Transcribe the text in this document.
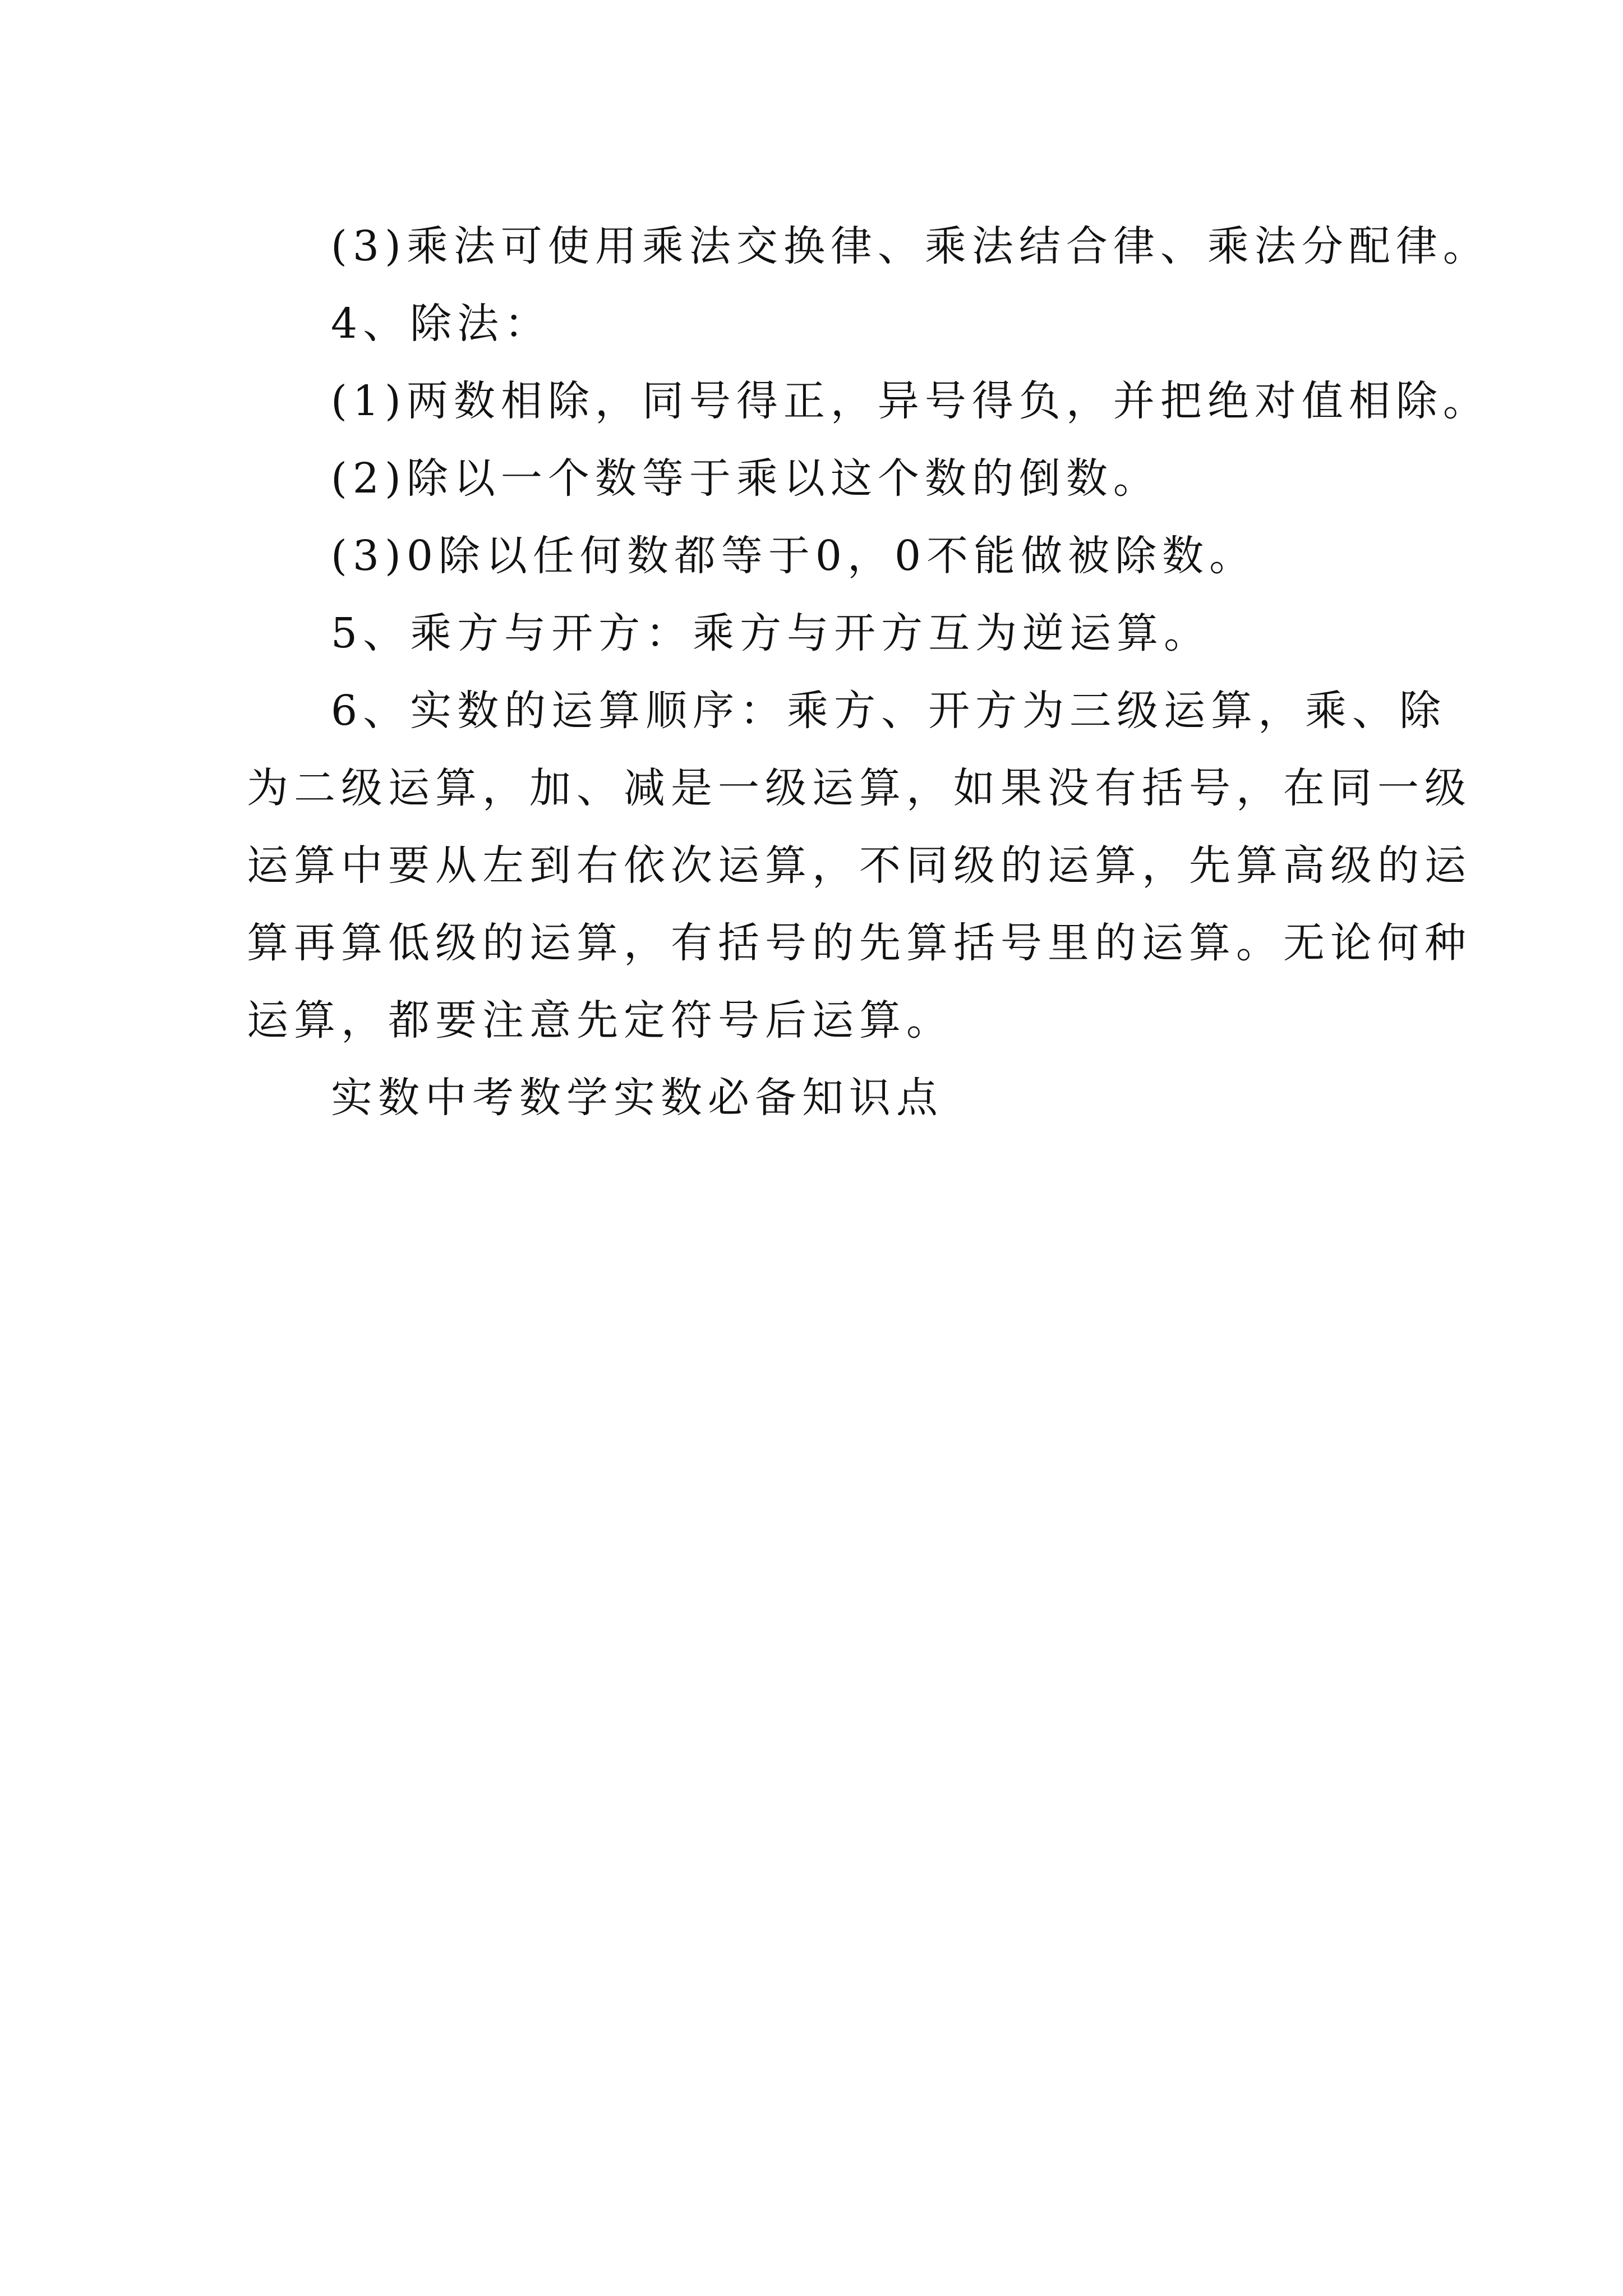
(3)乘法可使用乘法交换律、乘法结合律、乘法分配律。
4、除法：
(1)两数相除，同号得正，异号得负，并把绝对值相除。
(2)除以一个数等于乘以这个数的倒数。
(3)0除以任何数都等于0，0不能做被除数。
5、乘方与开方：乘方与开方互为逆运算。
6、实数的运算顺序：乘方、开方为三级运算，乘、除
为二级运算，加、减是一级运算，如果没有括号，在同一级
运算中要从左到右依次运算，不同级的运算，先算高级的运
算再算低级的运算，有括号的先算括号里的运算。无论何种
运算，都要注意先定符号后运算。
实数中考数学实数必备知识点
